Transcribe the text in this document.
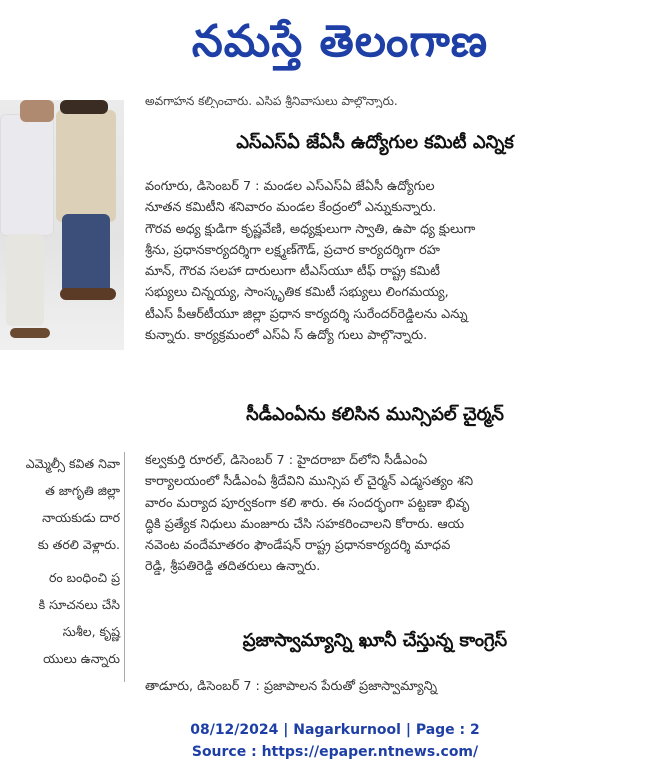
నమస్తే తెలంగాణ
ఎమ్మెల్సీ కవిత నివా
త జాగృతి జిల్లా
నాయకుడు దార
కు తరలి వెళ్లారు.
రం బంధించి ప్ర
కి సూచనలు చేసి
సుశీల, కృష్ణ
యులు ఉన్నారు
అవగాహన కల్పించారు. ఎసిప శ్రీనివాసులు పాల్గొన్నారు.
ఎస్ఎస్ఏ జేఏసీ ఉద్యోగుల కమిటీ ఎన్నిక
వంగూరు, డిసెంబర్ 7 : మండల ఎస్ఎస్ఏ జేఏసీ ఉద్యోగుల
నూతన కమిటీని శనివారం మండల కేంద్రంలో ఎన్నుకున్నారు.
గౌరవ అధ్య క్షుడిగా కృష్ణవేణి, అధ్యక్షులుగా స్వాతి, ఉపా ధ్య క్షులుగా
శ్రీను, ప్రధానకార్యదర్శిగా లక్ష్మణ్‌గౌడ్, ప్రచార కార్యదర్శిగా రహ
మాన్, గౌరవ సలహా దారులుగా టీఎస్‌యూ టీఫ్ రాష్ట్ర కమిటీ
సభ్యులు చిన్నయ్య, సాంస్కృతిక కమిటీ సభ్యులు లింగమయ్య,
టీఎస్ పీఆర్‌టీయూ జిల్లా ప్రధాన కార్యదర్శి సురేందర్‌రెడ్డిలను ఎన్ను
కున్నారు. కార్యక్రమంలో ఎస్ఏ స్ ఉద్యో గులు పాల్గొన్నారు.
సీడీఎంఏను కలిసిన మున్సిపల్ చైర్మన్
కల్వకుర్తి రూరల్, డిసెంబర్ 7 : హైదరాబా ద్‌లోని సీడీఎంఏ
కార్యాలయంలో సీడీఎంఏ శ్రీదేవిని మున్సిప ల్ చైర్మన్ ఎడ్మసత్యం శని
వారం మర్యాద పూర్వకంగా కలి శారు. ఈ సందర్భంగా పట్టణా భివృ
ద్ధికి ప్రత్యేక నిధులు మంజూరు చేసి సహకరించాలని కోరారు. ఆయ
నవెంట వందేమాతరం ఫౌండేషన్ రాష్ట్ర ప్రధానకార్యదర్శి మాధవ
రెడ్డి, శ్రీపతిరెడ్డి తదితరులు ఉన్నారు.
ప్రజాస్వామ్యాన్ని ఖూనీ చేస్తున్న కాంగ్రెస్
తాడూరు, డిసెంబర్ 7 : ప్రజాపాలన పేరుతో ప్రజాస్వామ్యాన్ని
08/12/2024 | Nagarkurnool | Page : 2
Source : https://epaper.ntnews.com/
